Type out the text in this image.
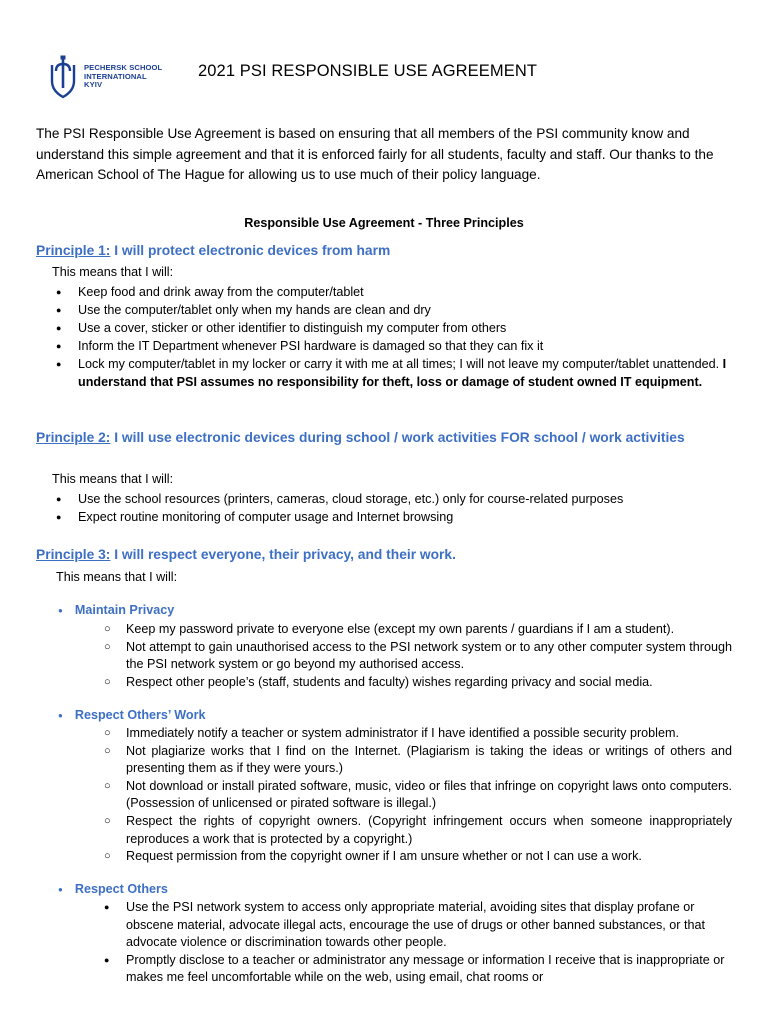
PECHERSK SCHOOL
INTERNATIONAL
KYIV
2021 PSI RESPONSIBLE USE AGREEMENT

The PSI Responsible Use Agreement is based on ensuring that all members of the PSI community know and understand this simple agreement and that it is enforced fairly for all students, faculty and staff. Our thanks to the American School of The Hague for allowing us to use much of their policy language.

Responsible Use Agreement - Three Principles

Principle 1: I will protect electronic devices from harm

This means that I will:

● Keep food and drink away from the computer/tablet
● Use the computer/tablet only when my hands are clean and dry
● Use a cover, sticker or other identifier to distinguish my computer from others
● Inform the IT Department whenever PSI hardware is damaged so that they can fix it
● Lock my computer/tablet in my locker or carry it with me at all times; I will not leave my computer/tablet unattended. I understand that PSI assumes no responsibility for theft, loss or damage of student owned IT equipment.

Principle 2: I will use electronic devices during school / work activities FOR school / work activities

This means that I will:

● Use the school resources (printers, cameras, cloud storage, etc.) only for course-related purposes
● Expect routine monitoring of computer usage and Internet browsing

Principle 3: I will respect everyone, their privacy, and their work.

This means that I will:

● Maintain Privacy

○ Keep my password private to everyone else (except my own parents / guardians if I am a student).
○ Not attempt to gain unauthorised access to the PSI network system or to any other computer system through the PSI network system or go beyond my authorised access.
○ Respect other people’s (staff, students and faculty) wishes regarding privacy and social media.

● Respect Others’ Work

○ Immediately notify a teacher or system administrator if I have identified a possible security problem.
○ Not plagiarize works that I find on the Internet. (Plagiarism is taking the ideas or writings of others and presenting them as if they were yours.)
○ Not download or install pirated software, music, video or files that infringe on copyright laws onto computers. (Possession of unlicensed or pirated software is illegal.)
○ Respect the rights of copyright owners. (Copyright infringement occurs when someone inappropriately reproduces a work that is protected by a copyright.)
○ Request permission from the copyright owner if I am unsure whether or not I can use a work.

● Respect Others

● Use the PSI network system to access only appropriate material, avoiding sites that display profane or obscene material, advocate illegal acts, encourage the use of drugs or other banned substances, or that advocate violence or discrimination towards other people.
● Promptly disclose to a teacher or administrator any message or information I receive that is inappropriate or makes me feel uncomfortable while on the web, using email, chat rooms or
